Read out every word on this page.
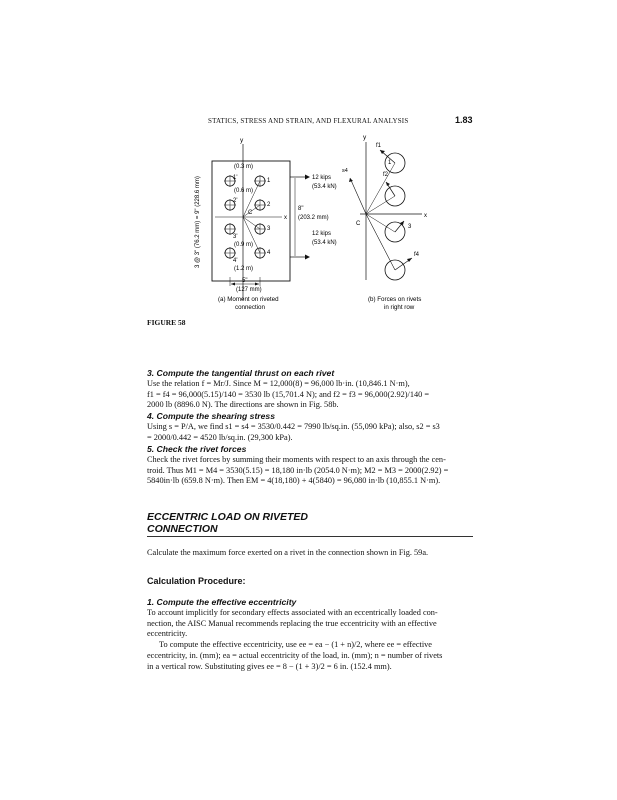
STATICS, STRESS AND STRAIN, AND FLEXURAL ANALYSIS	1.83
3 @ 3" (76.2 mm) = 9" (228.6 mm)
y
x
(0.3 m)
1'
(0.6 m)
2'
C
3'
(0.9 m)
4'
(1.2 m)
1
2
3
4
12 kips
(53.4 kN)
8"
(203.2 mm)
12 kips
(53.4 kN)
5"
(127 mm)
(a) Moment on riveted
connection
y
x
C
s4
f1
f2
1
3
f4
(b) Forces on rivets
in right row
FIGURE 58
3. Compute the tangential thrust on each rivet
Use the relation f = Mr/J. Since M = 12,000(8) = 96,000 lb·in. (10,846.1 N·m),
f1 = f4 = 96,000(5.15)/140 = 3530 lb (15,701.4 N); and f2 = f3 = 96,000(2.92)/140 =
2000 lb (8896.0 N). The directions are shown in Fig. 58b.
4. Compute the shearing stress
Using s = P/A, we find s1 = s4 = 3530/0.442 = 7990 lb/sq.in. (55,090 kPa); also, s2 = s3
= 2000/0.442 = 4520 lb/sq.in. (29,300 kPa).
5. Check the rivet forces
Check the rivet forces by summing their moments with respect to an axis through the cen-
troid. Thus M1 = M4 = 3530(5.15) = 18,180 in·lb (2054.0 N·m); M2 = M3 = 2000(2.92) =
5840in·lb (659.8 N·m). Then EM = 4(18,180) + 4(5840) = 96,080 in·lb (10,855.1 N·m).
ECCENTRIC LOAD ON RIVETED
CONNECTION
Calculate the maximum force exerted on a rivet in the connection shown in Fig. 59a.
Calculation Procedure:
1. Compute the effective eccentricity
To account implicitly for secondary effects associated with an eccentrically loaded con-
nection, the AISC Manual recommends replacing the true eccentricity with an effective
eccentricity.
To compute the effective eccentricity, use ee = ea − (1 + n)/2, where ee = effective
eccentricity, in. (mm); ea = actual eccentricity of the load, in. (mm); n = number of rivets
in a vertical row. Substituting gives ee = 8 − (1 + 3)/2 = 6 in. (152.4 mm).
